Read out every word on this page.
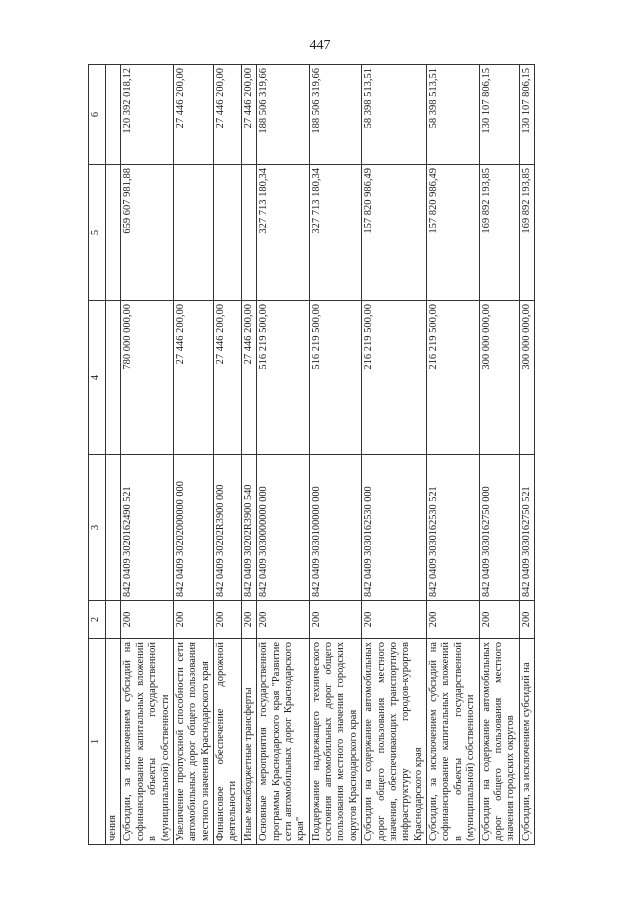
447
1	2	3	4	5	6
чения					
Субсидии, за исключением субсидий на софинансирование капитальных вложений в объекты государственной (муниципальной) собственности	200	842 0409 3020162490 521	780 000 000,00	659 607 981,88	120 392 018,12
Увеличение пропускной способности сети автомобильных дорог общего пользования местного значения Краснодарского края	200	842 0409 30202000000 000	27 446 200,00		27 446 200,00
Финансовое обеспечение дорожной деятельности	200	842 0409 30202R3900 000	27 446 200,00		27 446 200,00
Иные межбюджетные трансферты	200	842 0409 30202R3900 540	27 446 200,00		27 446 200,00
Основные мероприятия государственной программы Краснодарского края "Развитие сети автомобильных дорог Краснодарского края"	200	842 0409 3030000000 000	516 219 500,00	327 713 180,34	188 506 319,66
Поддержание надлежащего технического состояния автомобильных дорог общего пользования местного значения городских округов Краснодарского края	200	842 0409 3030100000 000	516 219 500,00	327 713 180,34	188 506 319,66
Субсидии на содержание автомобильных дорог общего пользования местного значения, обеспечивающих транспортную инфраструктуру городов-курортов Краснодарского края	200	842 0409 3030162530 000	216 219 500,00	157 820 986,49	58 398 513,51
Субсидии, за исключением субсидий на софинансирование капитальных вложений в объекты государственной (муниципальной) собственности	200	842 0409 3030162530 521	216 219 500,00	157 820 986,49	58 398 513,51
Субсидии на содержание автомобильных дорог общего пользования местного значения городских округов	200	842 0409 3030162750 000	300 000 000,00	169 892 193,85	130 107 806,15
Субсидии, за исключением субсидий на	200	842 0409 3030162750 521	300 000 000,00	169 892 193,85	130 107 806,15
